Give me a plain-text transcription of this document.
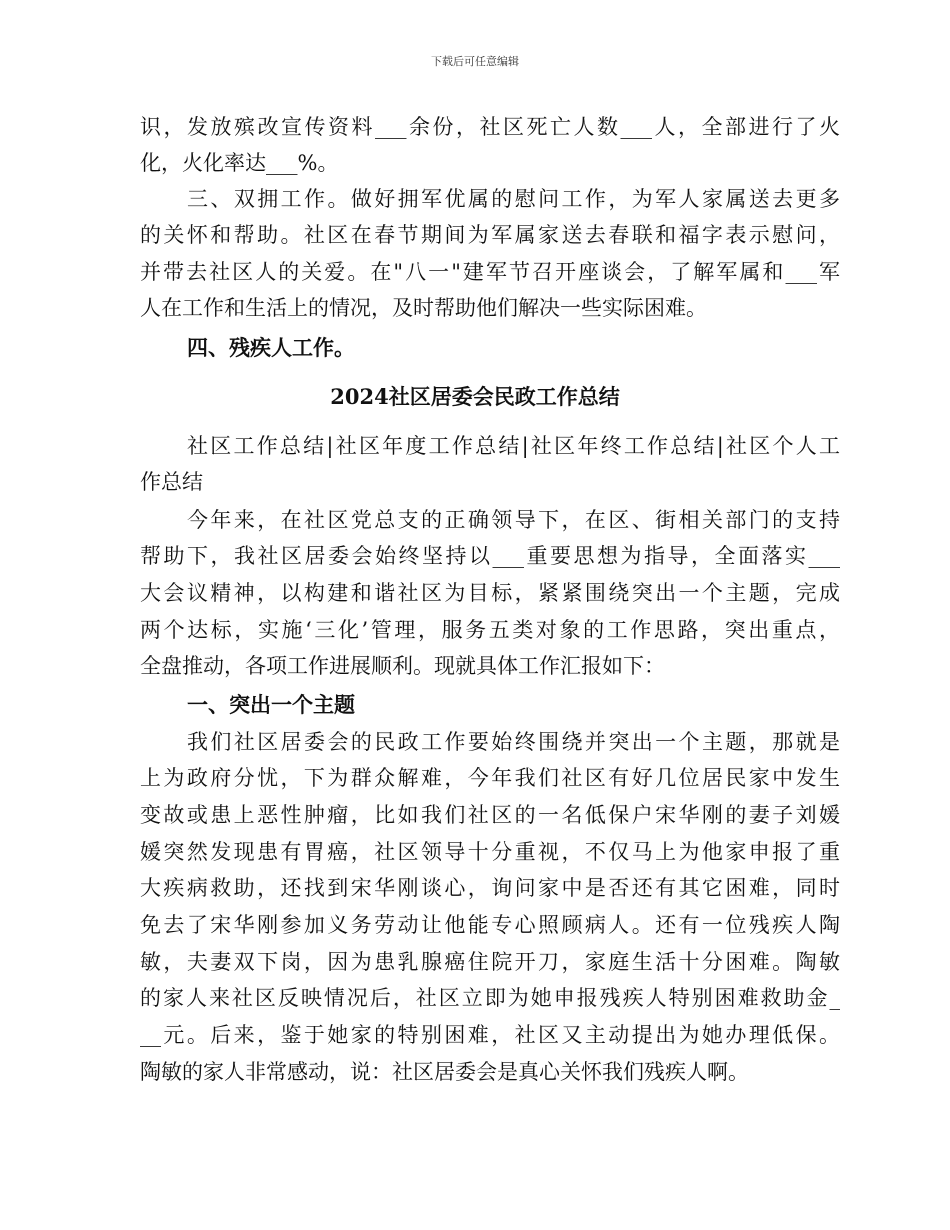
下载后可任意编辑
识，发放殡改宣传资料___余份，社区死亡人数___人，全部进行了火
化，火化率达___%。
三、双拥工作。做好拥军优属的慰问工作，为军人家属送去更多
的关怀和帮助。社区在春节期间为军属家送去春联和福字表示慰问，
并带去社区人的关爱。在"八一"建军节召开座谈会，了解军属和___军
人在工作和生活上的情况，及时帮助他们解决一些实际困难。
四、残疾人工作。
2024社区居委会民政工作总结
社区工作总结|社区年度工作总结|社区年终工作总结|社区个人工
作总结
今年来，在社区党总支的正确领导下，在区、街相关部门的支持
帮助下，我社区居委会始终坚持以___重要思想为指导，全面落实___
大会议精神，以构建和谐社区为目标，紧紧围绕突出一个主题，完成
两个达标，实施‘三化’管理，服务五类对象的工作思路，突出重点，
全盘推动，各项工作进展顺利。现就具体工作汇报如下：
一、突出一个主题
我们社区居委会的民政工作要始终围绕并突出一个主题，那就是
上为政府分忧，下为群众解难，今年我们社区有好几位居民家中发生
变故或患上恶性肿瘤，比如我们社区的一名低保户宋华刚的妻子刘媛
媛突然发现患有胃癌，社区领导十分重视，不仅马上为他家申报了重
大疾病救助，还找到宋华刚谈心，询问家中是否还有其它困难，同时
免去了宋华刚参加义务劳动让他能专心照顾病人。还有一位残疾人陶
敏，夫妻双下岗，因为患乳腺癌住院开刀，家庭生活十分困难。陶敏
的家人来社区反映情况后，社区立即为她申报残疾人特别困难救助金_
__元。后来，鉴于她家的特别困难，社区又主动提出为她办理低保。
陶敏的家人非常感动，说：社区居委会是真心关怀我们残疾人啊。
